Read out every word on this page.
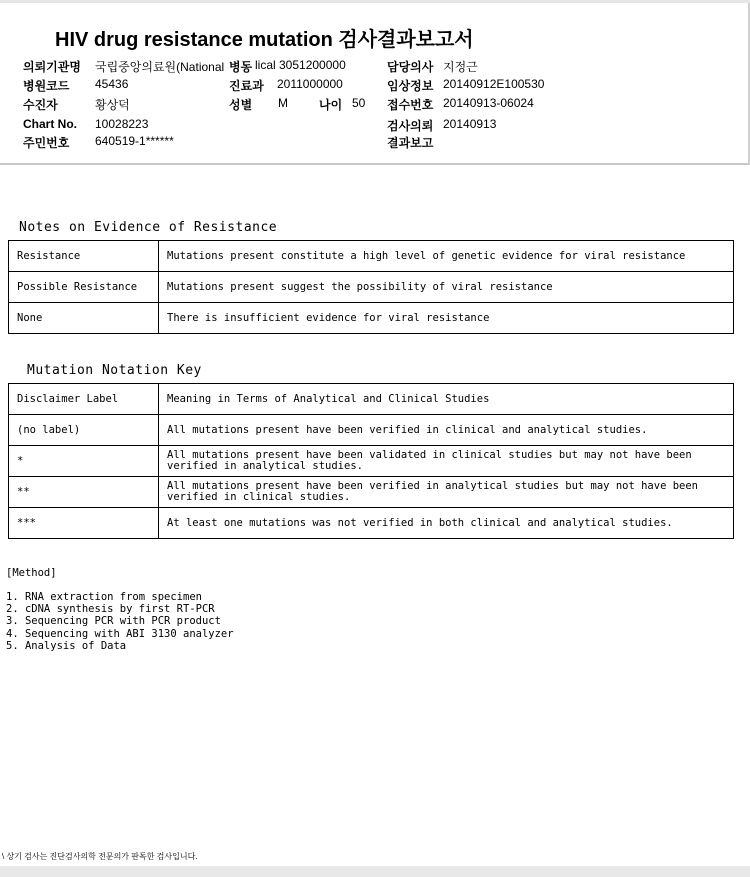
HIV drug resistance mutation 검사결과보고서
의뢰기관명 국립중앙의료원(National 병동 lical 3051200000	담당의사 지정근
병원코드 45436	진료과 2011000000	임상정보 20140912E100530
수진자	황상덕	성별 M	나이 50 접수번호 20140913-06024
Chart No. 10028223	검사의뢰 20140913
주민번호 640519-1******	결과보고
Notes on Evidence of Resistance
Resistance	Mutations present constitute a high level of genetic evidence for viral resistance
Possible Resistance	Mutations present suggest the possibility of viral resistance
None	There is insufficient evidence for viral resistance
Mutation Notation Key
Disclaimer Label	Meaning in Terms of Analytical and Clinical Studies
(no label)	All mutations present have been verified in clinical and analytical studies.
*	All mutations present have been validated in clinical studies but may not have been verified in analytical studies.
**	All mutations present have been verified in analytical studies but may not have been verified in clinical studies.
***	At least one mutations was not verified in both clinical and analytical studies.
[Method]
1. RNA extraction from specimen
2. cDNA synthesis by first RT-PCR
3. Sequencing PCR with PCR product
4. Sequencing with ABI 3130 analyzer
5. Analysis of Data
\ 상기 검사는 진단검사의학 전문의가 판독한 검사입니다.
